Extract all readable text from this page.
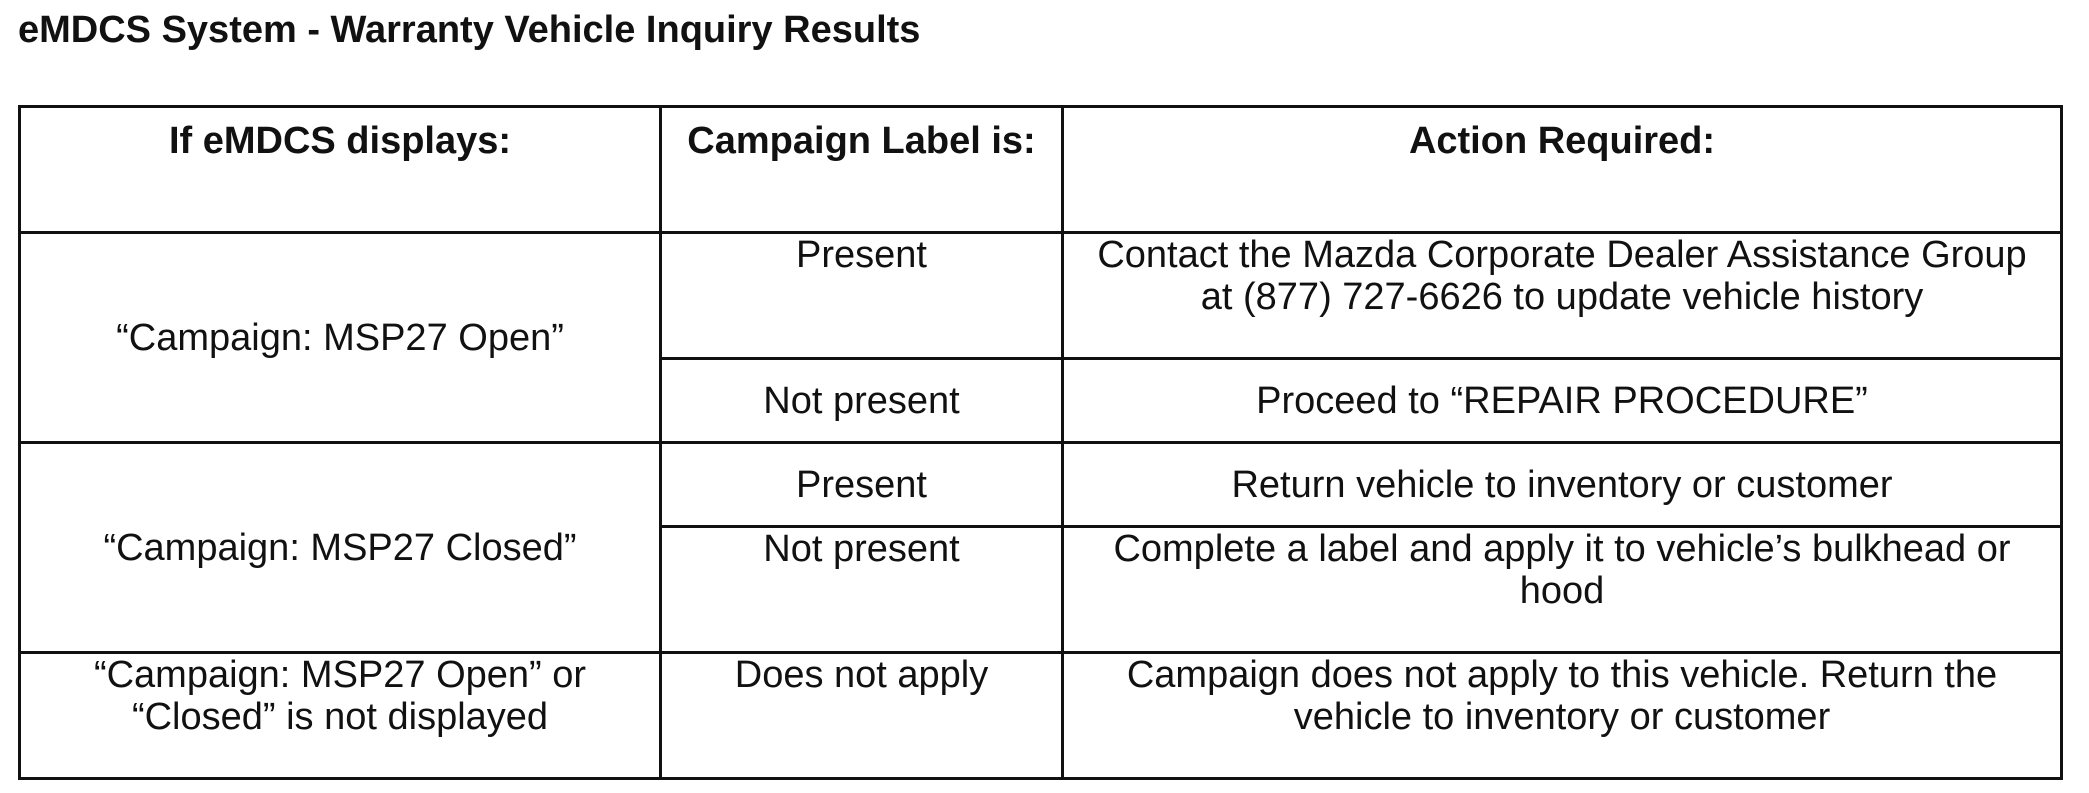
eMDCS System - Warranty Vehicle Inquiry Results
If eMDCS displays:	Campaign Label is:	Action Required:
“Campaign: MSP27 Open”	Present	Contact the Mazda Corporate Dealer Assistance Group at (877) 727-6626 to update vehicle history
	Not present	Proceed to “REPAIR PROCEDURE”
“Campaign: MSP27 Closed”	Present	Return vehicle to inventory or customer
	Not present	Complete a label and apply it to vehicle’s bulkhead or hood
“Campaign: MSP27 Open” or “Closed” is not displayed	Does not apply	Campaign does not apply to this vehicle. Return the vehicle to inventory or customer
